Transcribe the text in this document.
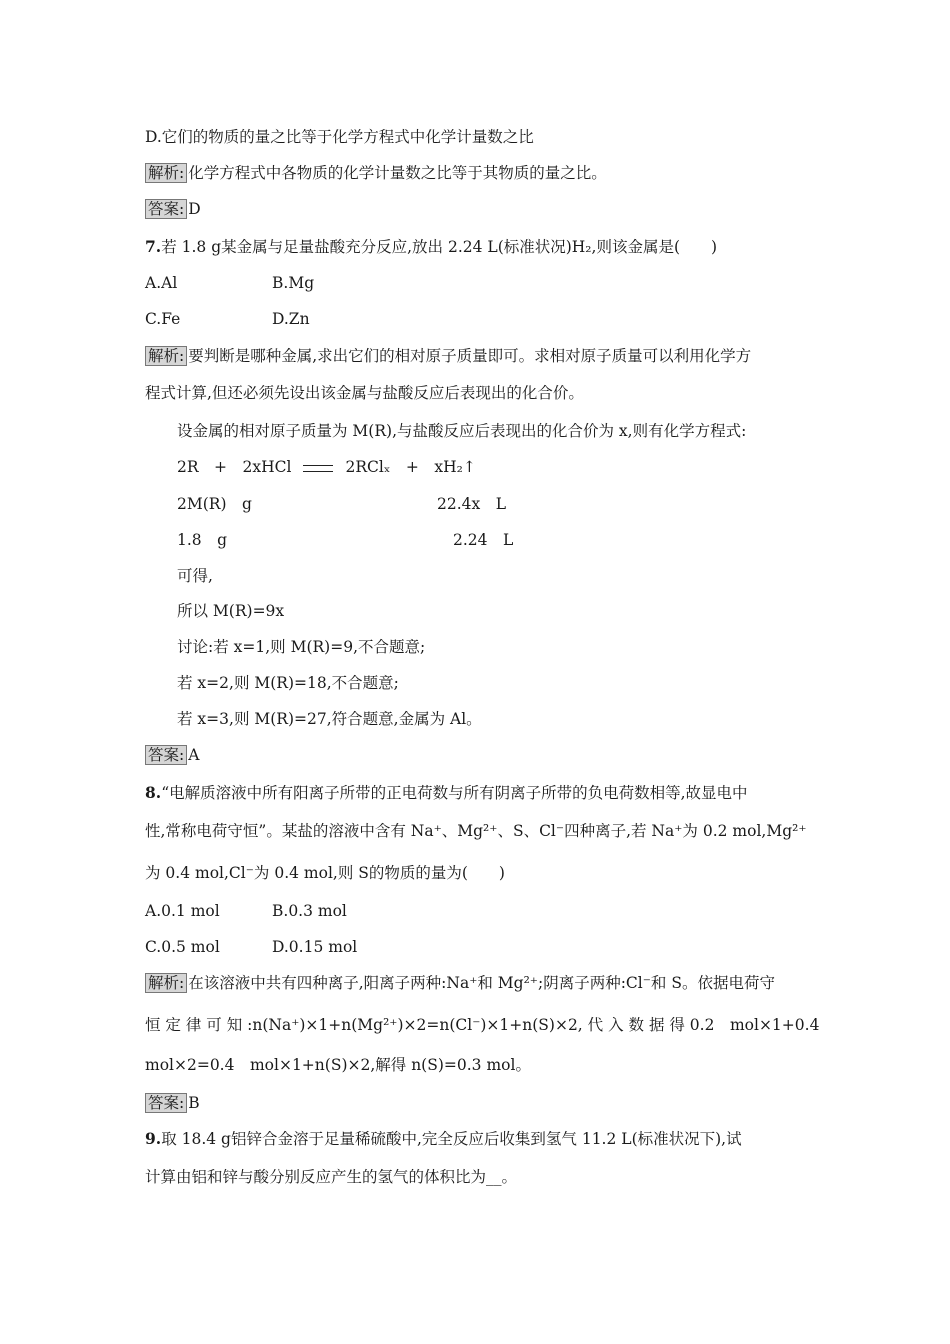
D.它们的物质的量之比等于化学方程式中化学计量数之比
解析: 化学方程式中各物质的化学计量数之比等于其物质的量之比。
答案: D
7.若 1.8 g某金属与足量盐酸充分反应,放出 2.24 L(标准状况)H₂,则该金属是(　　)
A.Al	B.Mg
C.Fe	D.Zn
解析: 要判断是哪种金属,求出它们的相对原子质量即可。求相对原子质量可以利用化学方
程式计算,但还必须先设出该金属与盐酸反应后表现出的化合价。
设金属的相对原子质量为 M(R),与盐酸反应后表现出的化合价为 x,则有化学方程式:
2R　+　2xHCl	2RClₓ　+　xH₂↑
2M(R)　g	22.4x　L
1.8　g	2.24　L
可得,
所以 M(R)=9x
讨论:若 x=1,则 M(R)=9,不合题意;
若 x=2,则 M(R)=18,不合题意;
若 x=3,则 M(R)=27,符合题意,金属为 Al。
答案: A
8.“电解质溶液中所有阳离子所带的正电荷数与所有阴离子所带的负电荷数相等,故显电中
性,常称电荷守恒”。某盐的溶液中含有 Na⁺、Mg²⁺、S、Cl⁻四种离子,若 Na⁺为 0.2 mol,Mg²⁺
为 0.4 mol,Cl⁻为 0.4 mol,则 S的物质的量为(　　)
A.0.1 mol	B.0.3 mol
C.0.5 mol	D.0.15 mol
解析: 在该溶液中共有四种离子,阳离子两种:Na⁺和 Mg²⁺;阴离子两种:Cl⁻和 S。依据电荷守
恒 定 律 可 知 :n(Na⁺)×1+n(Mg²⁺)×2=n(Cl⁻)×1+n(S)×2, 代 入 数 据 得 0.2　mol×1+0.4
mol×2=0.4　mol×1+n(S)×2,解得 n(S)=0.3 mol。
答案: B
9.取 18.4 g铝锌合金溶于足量稀硫酸中,完全反应后收集到氢气 11.2 L(标准状况下),试
计算由铝和锌与酸分别反应产生的氢气的体积比为__。
